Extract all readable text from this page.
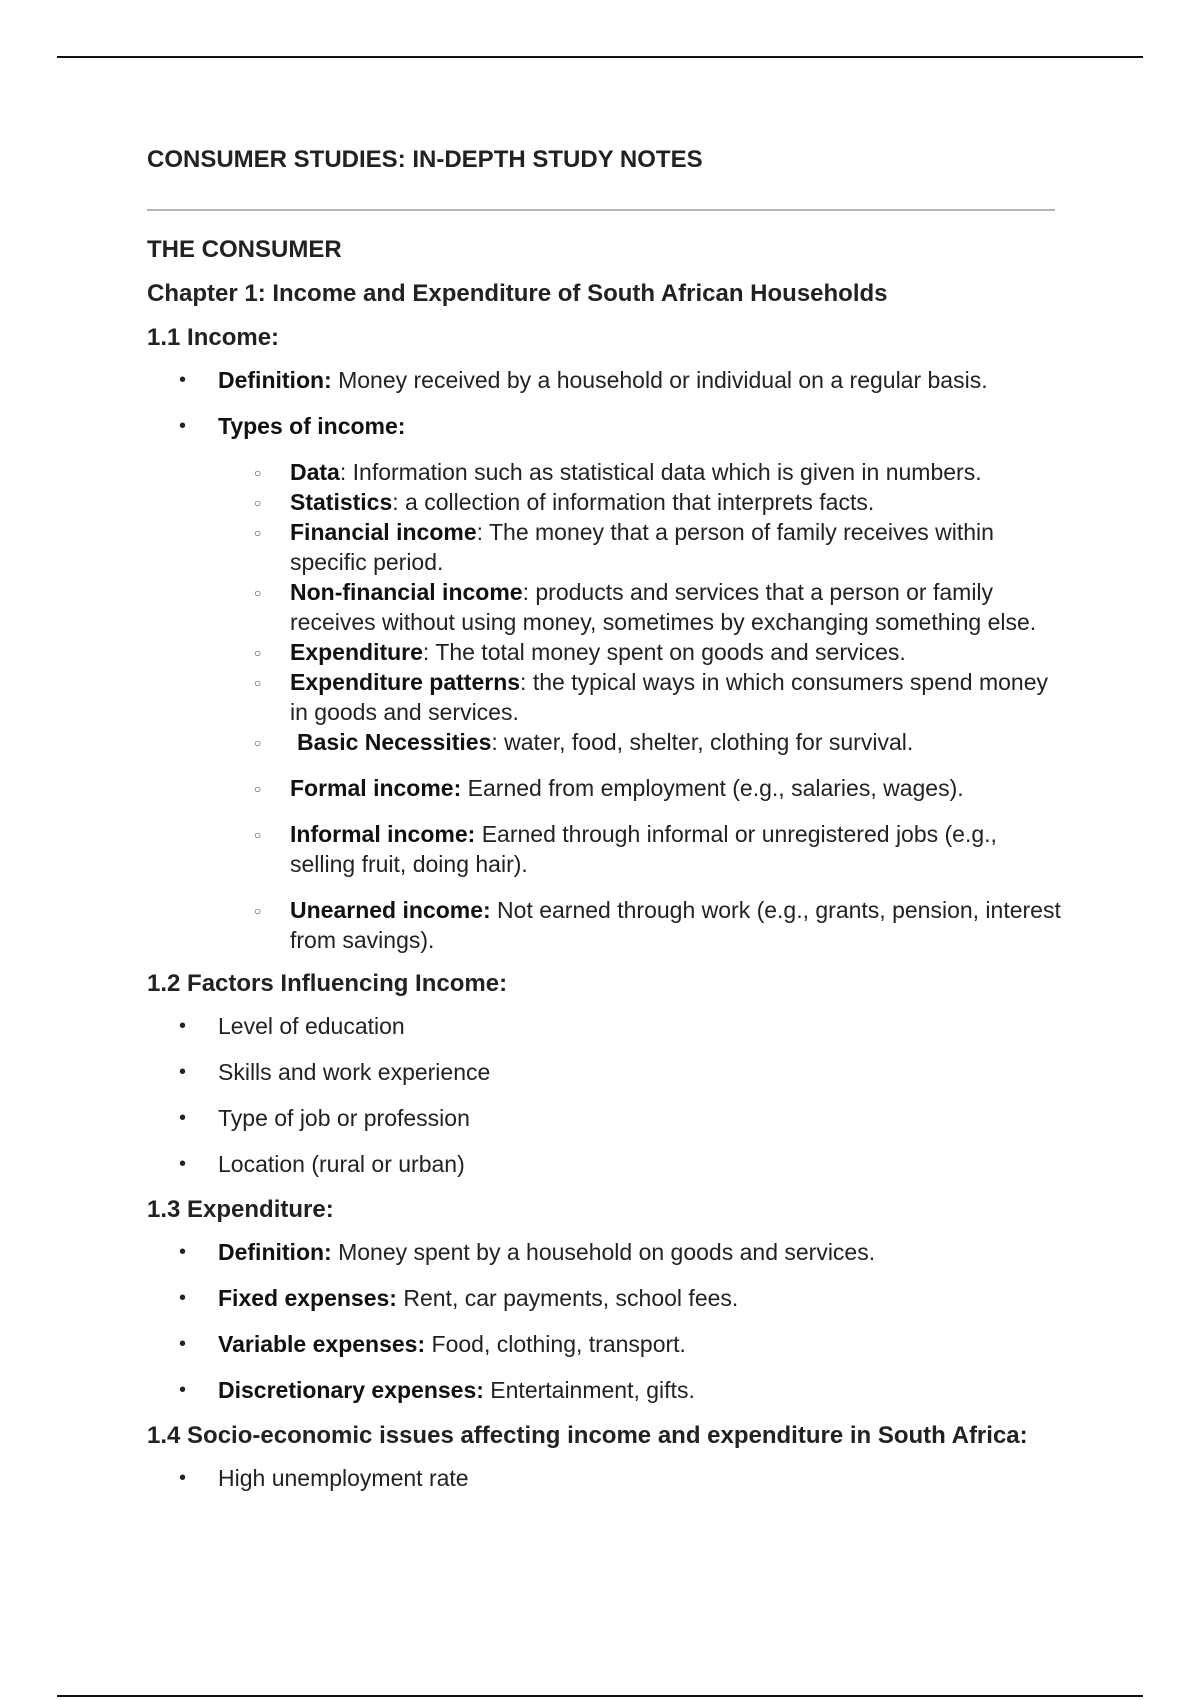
CONSUMER STUDIES: IN-DEPTH STUDY NOTES
THE CONSUMER
Chapter 1: Income and Expenditure of South African Households
1.1 Income:
• Definition: Money received by a household or individual on a regular basis.
• Types of income:
○ Data: Information such as statistical data which is given in numbers.
○ Statistics: a collection of information that interprets facts.
○ Financial income: The money that a person of family receives within specific period.
○ Non-financial income: products and services that a person or family receives without using money, sometimes by exchanging something else.
○ Expenditure: The total money spent on goods and services.
○ Expenditure patterns: the typical ways in which consumers spend money in goods and services.
○ Basic Necessities: water, food, shelter, clothing for survival.
○ Formal income: Earned from employment (e.g., salaries, wages).
○ Informal income: Earned through informal or unregistered jobs (e.g., selling fruit, doing hair).
○ Unearned income: Not earned through work (e.g., grants, pension, interest from savings).
1.2 Factors Influencing Income:
• Level of education
• Skills and work experience
• Type of job or profession
• Location (rural or urban)
1.3 Expenditure:
• Definition: Money spent by a household on goods and services.
• Fixed expenses: Rent, car payments, school fees.
• Variable expenses: Food, clothing, transport.
• Discretionary expenses: Entertainment, gifts.
1.4 Socio-economic issues affecting income and expenditure in South Africa:
• High unemployment rate
